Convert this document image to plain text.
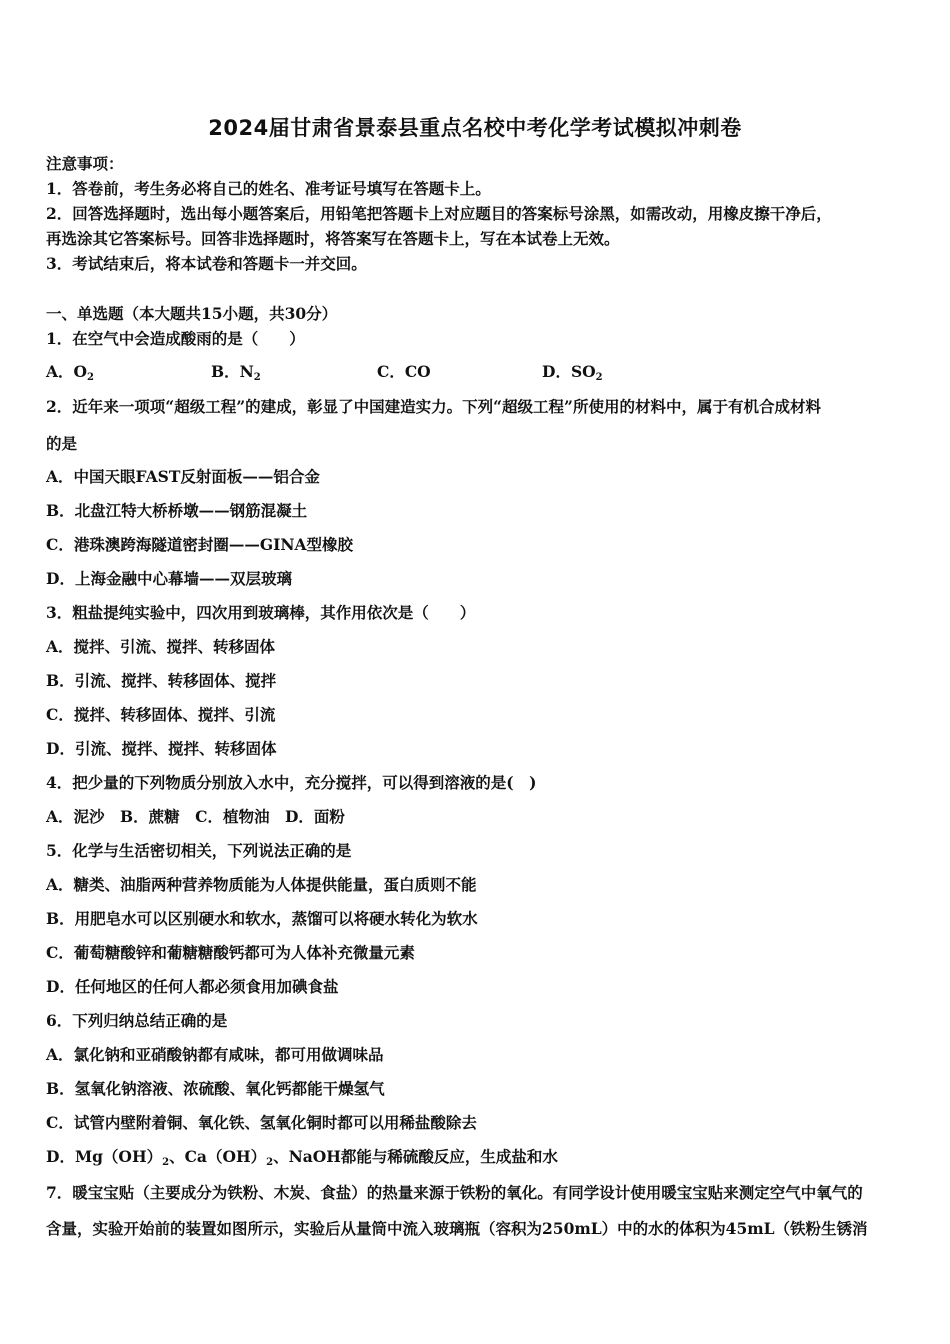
2024届甘肃省景泰县重点名校中考化学考试模拟冲刺卷
注意事项：
1．答卷前，考生务必将自己的姓名、准考证号填写在答题卡上。
2．回答选择题时，选出每小题答案后，用铅笔把答题卡上对应题目的答案标号涂黑，如需改动，用橡皮擦干净后，
再选涂其它答案标号。回答非选择题时，将答案写在答题卡上，写在本试卷上无效。
3．考试结束后，将本试卷和答题卡一并交回。
一、单选题（本大题共15小题，共30分）
1．在空气中会造成酸雨的是（　　）
A．$O_2$	B．$N_2$	C．CO	D．$SO_2$
2．近年来一项项“超级工程”的建成，彰显了中国建造实力。下列“超级工程”所使用的材料中，属于有机合成材料
的是
A．中国天眼FAST反射面板——铝合金
B．北盘江特大桥桥墩——钢筋混凝土
C．港珠澳跨海隧道密封圈——GINA型橡胶
D．上海金融中心幕墙——双层玻璃
3．粗盐提纯实验中，四次用到玻璃棒，其作用依次是（　　）
A．搅拌、引流、搅拌、转移固体
B．引流、搅拌、转移固体、搅拌
C．搅拌、转移固体、搅拌、引流
D．引流、搅拌、搅拌、转移固体
4．把少量的下列物质分别放入水中，充分搅拌，可以得到溶液的是(　)
A．泥沙　B．蔗糖　C．植物油　D．面粉
5．化学与生活密切相关，下列说法正确的是
A．糖类、油脂两种营养物质能为人体提供能量，蛋白质则不能
B．用肥皂水可以区别硬水和软水，蒸馏可以将硬水转化为软水
C．葡萄糖酸锌和葡糖糖酸钙都可为人体补充微量元素
D．任何地区的任何人都必须食用加碘食盐
6．下列归纳总结正确的是
A．氯化钠和亚硝酸钠都有咸味，都可用做调味品
B．氢氧化钠溶液、浓硫酸、氧化钙都能干燥氢气
C．试管内壁附着铜、氧化铁、氢氧化铜时都可以用稀盐酸除去
D．$Mg(OH)_2$、$Ca(OH)_2$、NaOH都能与稀硫酸反应，生成盐和水
7．暖宝宝贴（主要成分为铁粉、木炭、食盐）的热量来源于铁粉的氧化。有同学设计使用暖宝宝贴来测定空气中氧气的
含量，实验开始前的装置如图所示，实验后从量筒中流入玻璃瓶（容积为250mL）中的水的体积为45mL（铁粉生锈消
